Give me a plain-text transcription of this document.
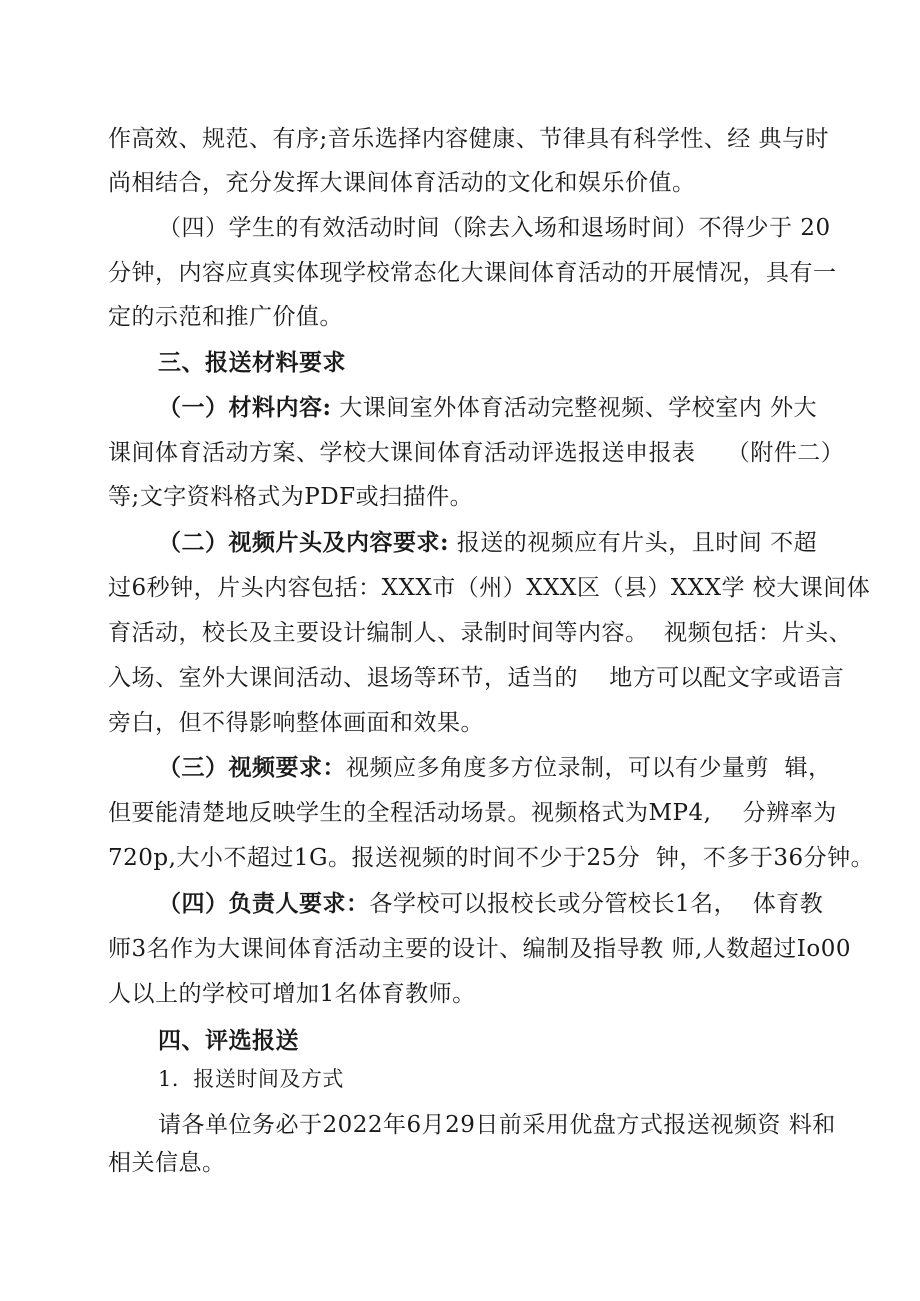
作高效、规范、有序;音乐选择内容健康、节律具有科学性、经 典与时
尚相结合，充分发挥大课间体育活动的文化和娱乐价值。
（四）学生的有效活动时间（除去入场和退场时间）不得少于 20
分钟，内容应真实体现学校常态化大课间体育活动的开展情况，具有一
定的示范和推广价值。
三、报送材料要求
（一）材料内容: 大课间室外体育活动完整视频、学校室内 外大
课间体育活动方案、学校大课间体育活动评选报送申报表    （附件二）
等;文字资料格式为PDF或扫描件。
（二）视频片头及内容要求: 报送的视频应有片头，且时间 不超
过6秒钟，片头内容包括：XXX市（州）XXX区（县）XXX学 校大课间体
育活动，校长及主要设计编制人、录制时间等内容。  视频包括：片头、
入场、室外大课间活动、退场等环节，适当的    地方可以配文字或语言
旁白，但不得影响整体画面和效果。
（三）视频要求：视频应多角度多方位录制，可以有少量剪  辑，
但要能清楚地反映学生的全程活动场景。视频格式为MP4,    分辨率为
720p,大小不超过1G。报送视频的时间不少于25分  钟，不多于36分钟。
（四）负责人要求：各学校可以报校长或分管校长1名，  体育教
师3名作为大课间体育活动主要的设计、编制及指导教 师,人数超过Io00
人以上的学校可增加1名体育教师。
四、评选报送
1．报送时间及方式
请各单位务必于2022年6月29日前采用优盘方式报送视频资 料和
相关信息。
